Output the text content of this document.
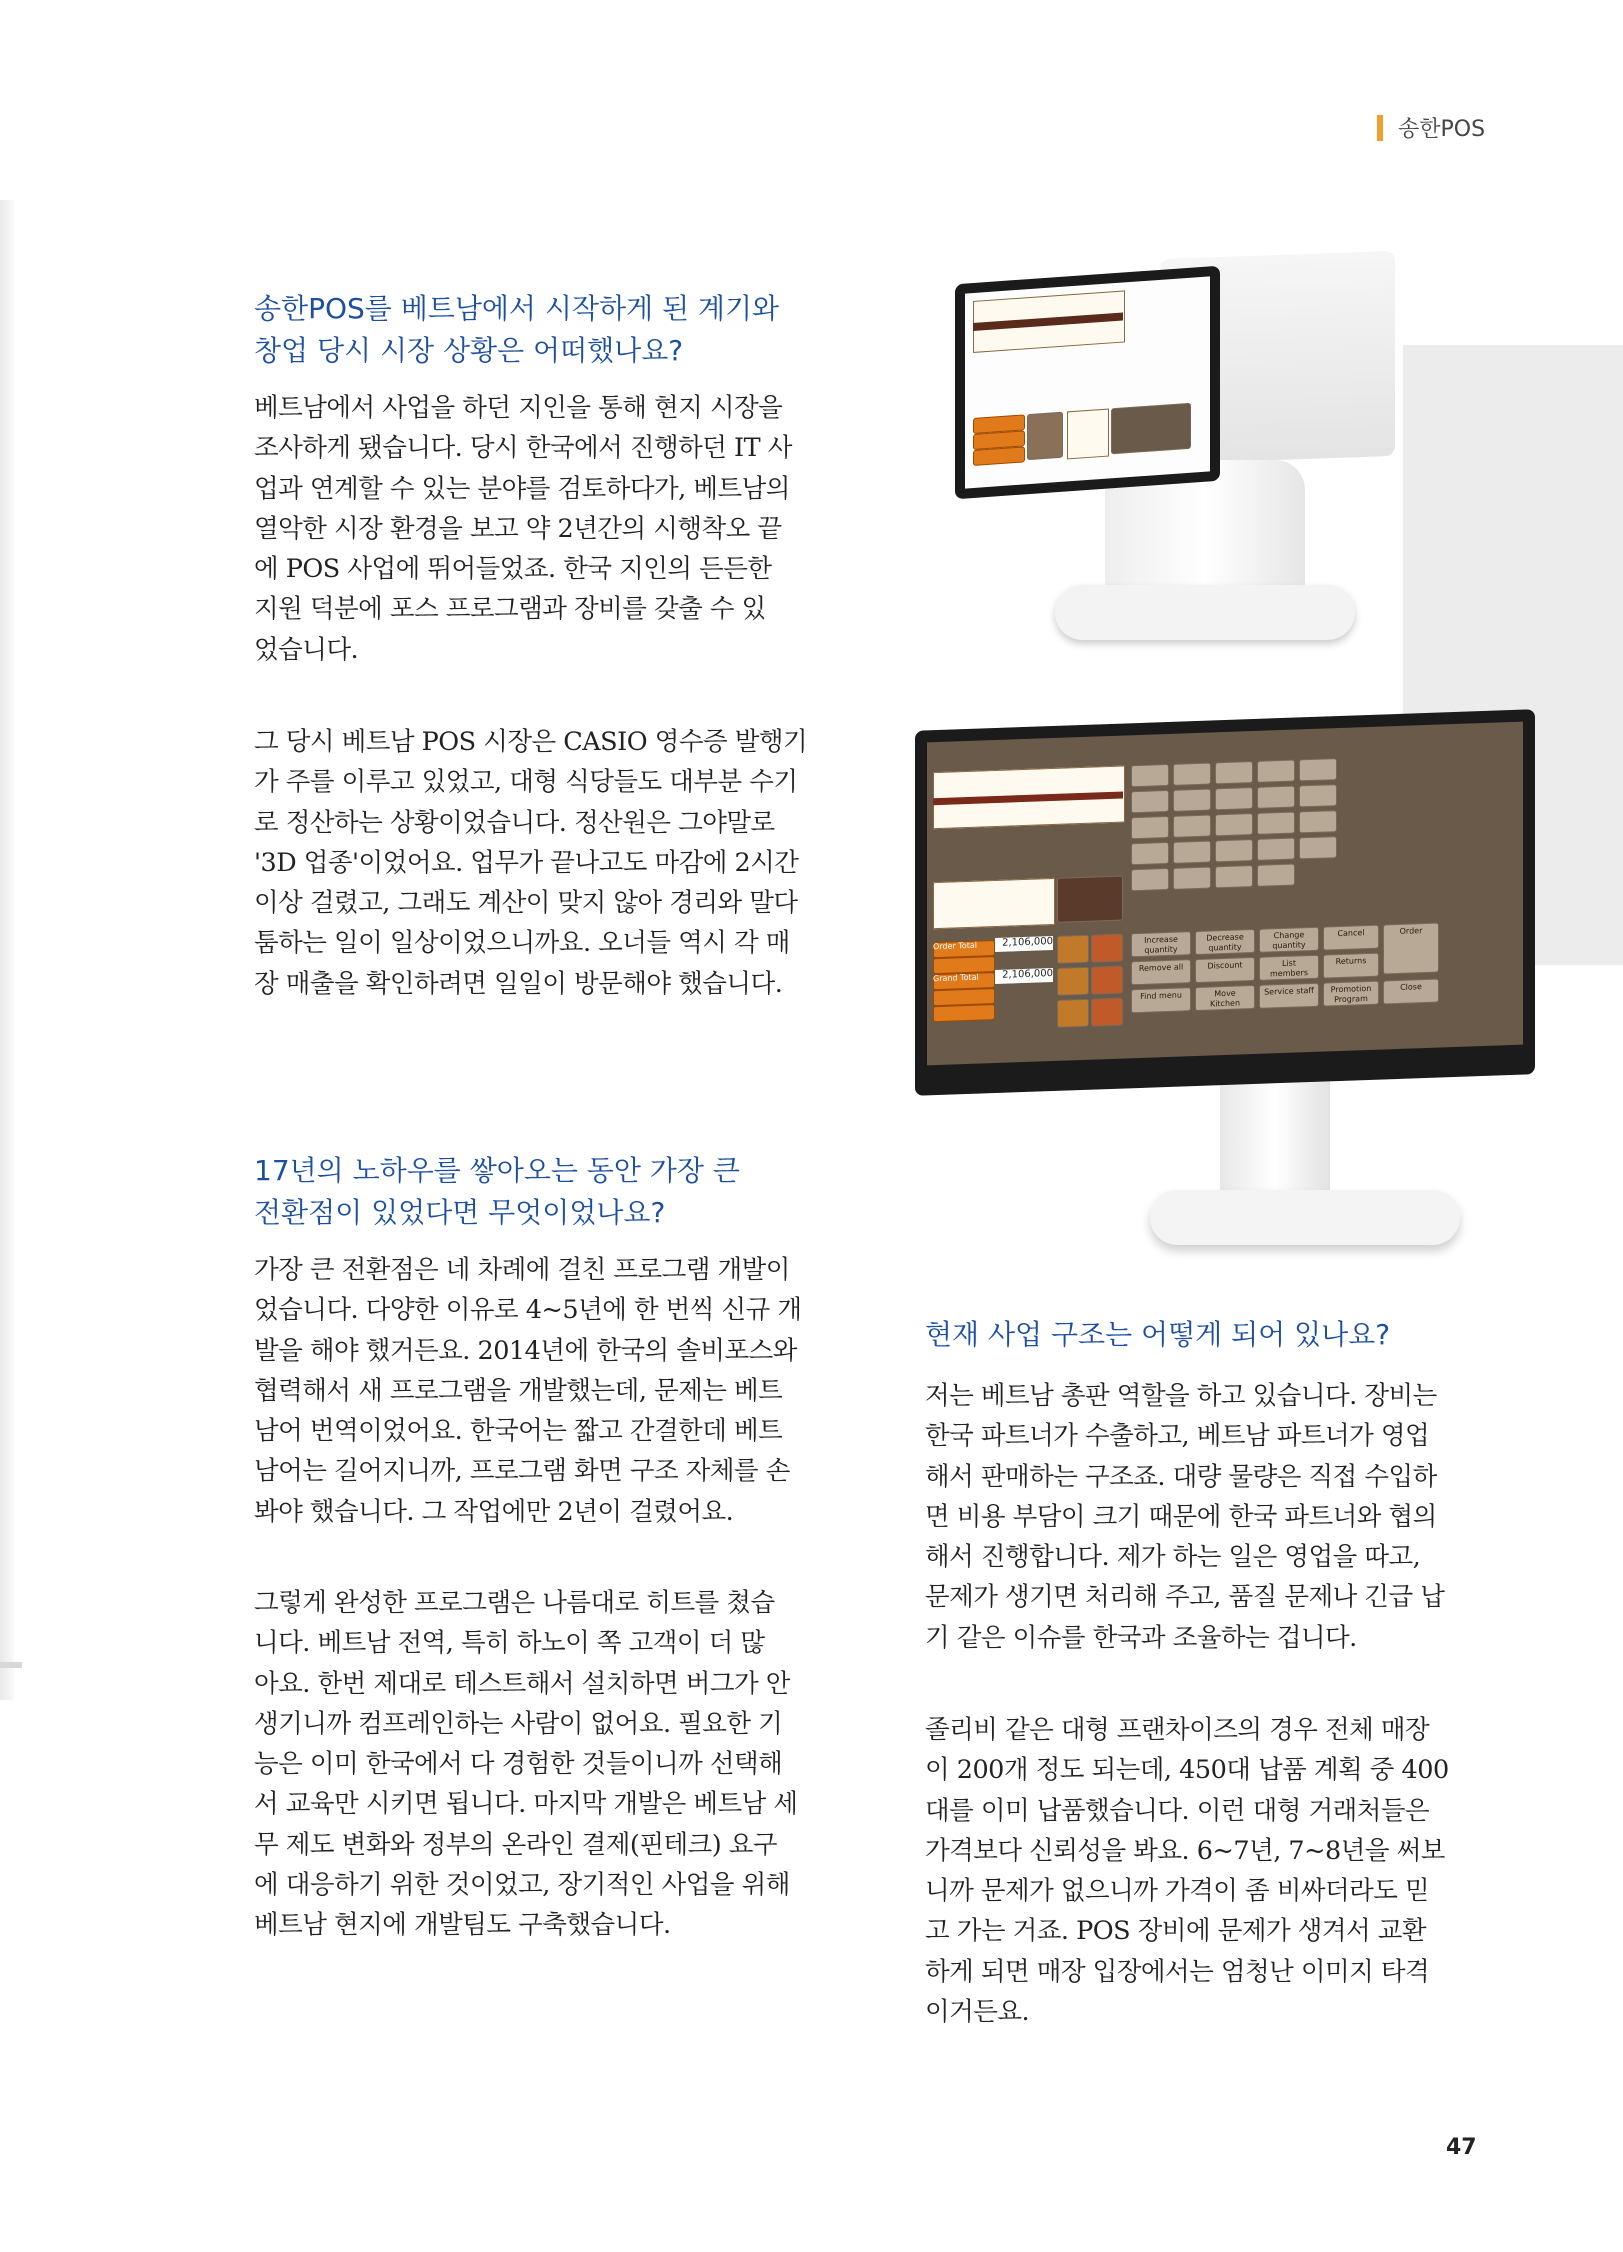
송한POS
송한POS를 베트남에서 시작하게 된 계기와
창업 당시 시장 상황은 어떠했나요?
베트남에서 사업을 하던 지인을 통해 현지 시장을
조사하게 됐습니다. 당시 한국에서 진행하던 IT 사
업과 연계할 수 있는 분야를 검토하다가, 베트남의
열악한 시장 환경을 보고 약 2년간의 시행착오 끝
에 POS 사업에 뛰어들었죠. 한국 지인의 든든한
지원 덕분에 포스 프로그램과 장비를 갖출 수 있
었습니다.
그 당시 베트남 POS 시장은 CASIO 영수증 발행기
가 주를 이루고 있었고, 대형 식당들도 대부분 수기
로 정산하는 상황이었습니다. 정산원은 그야말로
'3D 업종'이었어요. 업무가 끝나고도 마감에 2시간
이상 걸렸고, 그래도 계산이 맞지 않아 경리와 말다
툼하는 일이 일상이었으니까요. 오너들 역시 각 매
장 매출을 확인하려면 일일이 방문해야 했습니다.
17년의 노하우를 쌓아오는 동안 가장 큰
전환점이 있었다면 무엇이었나요?
가장 큰 전환점은 네 차례에 걸친 프로그램 개발이
었습니다. 다양한 이유로 4~5년에 한 번씩 신규 개
발을 해야 했거든요. 2014년에 한국의 솔비포스와
협력해서 새 프로그램을 개발했는데, 문제는 베트
남어 번역이었어요. 한국어는 짧고 간결한데 베트
남어는 길어지니까, 프로그램 화면 구조 자체를 손
봐야 했습니다. 그 작업에만 2년이 걸렸어요.
그렇게 완성한 프로그램은 나름대로 히트를 쳤습
니다. 베트남 전역, 특히 하노이 쪽 고객이 더 많
아요. 한번 제대로 테스트해서 설치하면 버그가 안
생기니까 컴프레인하는 사람이 없어요. 필요한 기
능은 이미 한국에서 다 경험한 것들이니까 선택해
서 교육만 시키면 됩니다. 마지막 개발은 베트남 세
무 제도 변화와 정부의 온라인 결제(핀테크) 요구
에 대응하기 위한 것이었고, 장기적인 사업을 위해
베트남 현지에 개발팀도 구축했습니다.
현재 사업 구조는 어떻게 되어 있나요?
저는 베트남 총판 역할을 하고 있습니다. 장비는
한국 파트너가 수출하고, 베트남 파트너가 영업
해서 판매하는 구조죠. 대량 물량은 직접 수입하
면 비용 부담이 크기 때문에 한국 파트너와 협의
해서 진행합니다. 제가 하는 일은 영업을 따고,
문제가 생기면 처리해 주고, 품질 문제나 긴급 납
기 같은 이슈를 한국과 조율하는 겁니다.
졸리비 같은 대형 프랜차이즈의 경우 전체 매장
이 200개 정도 되는데, 450대 납품 계획 중 400
대를 이미 납품했습니다. 이런 대형 거래처들은
가격보다 신뢰성을 봐요. 6~7년, 7~8년을 써보
니까 문제가 없으니까 가격이 좀 비싸더라도 믿
고 가는 거죠. POS 장비에 문제가 생겨서 교환
하게 되면 매장 입장에서는 엄청난 이미지 타격
이거든요.
Order Total	2,106,000
Grand Total	2,106,000
Increase quantity
Decrease quantity
Change quantity
Cancel	Order
Remove all	Discount	List members
Returns
Find menu	Move Kitchen
Service staff	Promotion Program
Close
47
